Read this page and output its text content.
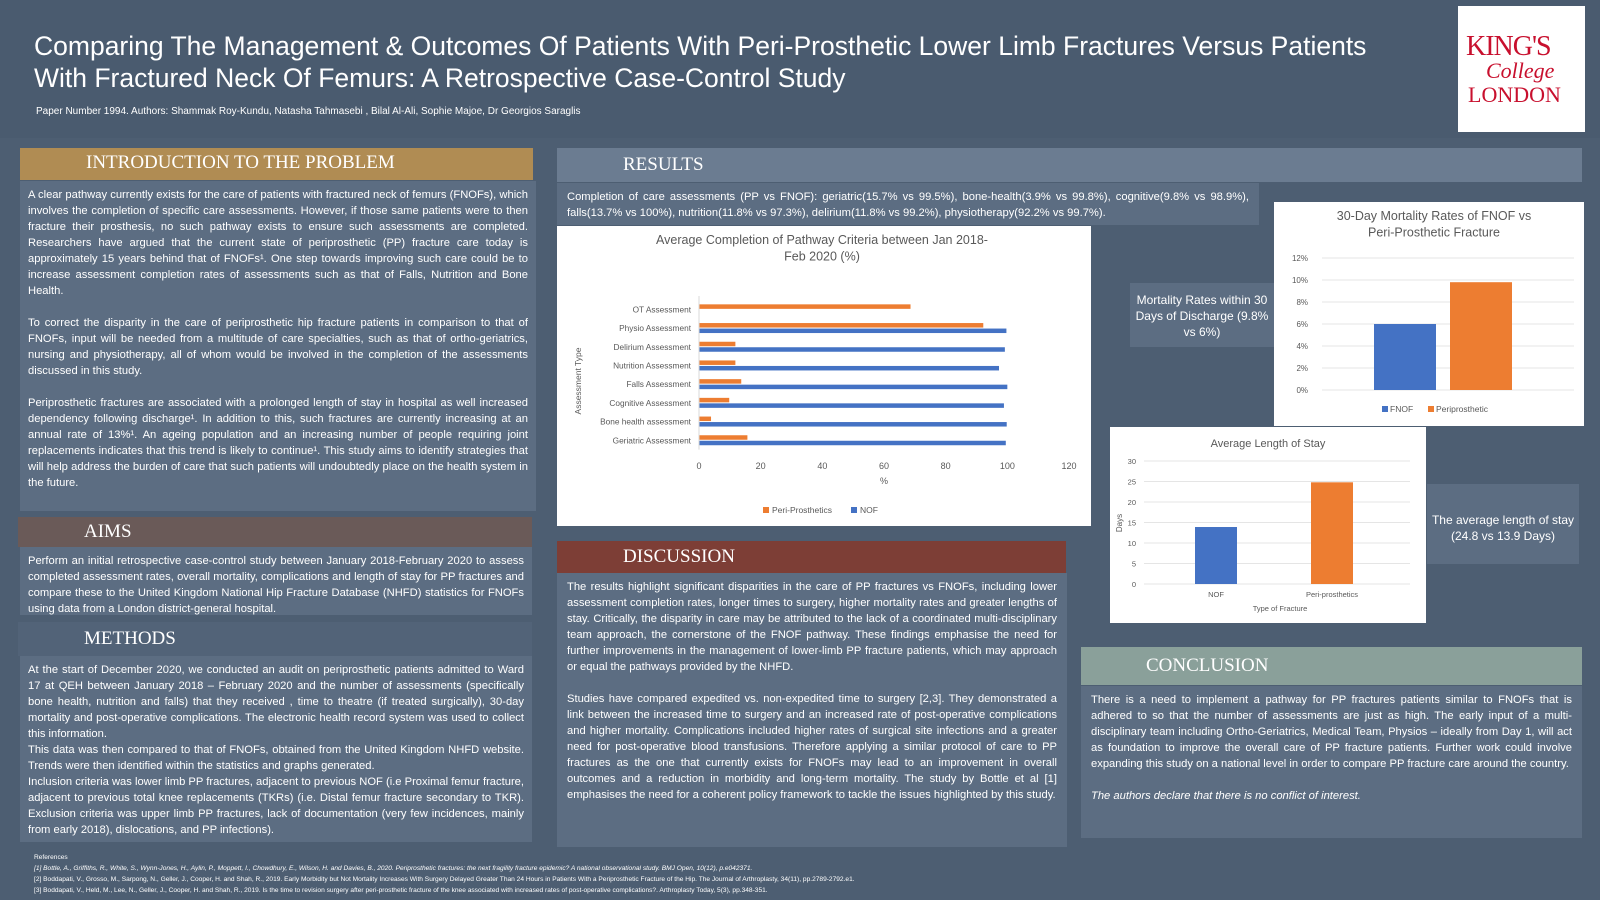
Comparing The Management & Outcomes Of Patients With Peri-Prosthetic Lower Limb Fractures Versus Patients
With Fractured Neck Of Femurs: A Retrospective Case-Control Study
Paper Number 1994. Authors: Shammak Roy-Kundu, Natasha Tahmasebi , Bilal Al-Ali, Sophie Majoe, Dr Georgios Saraglis
KING'S
College
LONDON
INTRODUCTION TO THE PROBLEM

A clear pathway currently exists for the care of patients with fractured neck of femurs (FNOFs), which involves the completion of specific care assessments. However, if those same patients were to then fracture their prosthesis, no such pathway exists to ensure such assessments are completed. Researchers have argued that the current state of periprosthetic (PP) fracture care today is approximately 15 years behind that of FNOFs¹. One step towards improving such care could be to increase assessment completion rates of assessments such as that of Falls, Nutrition and Bone Health.

To correct the disparity in the care of periprosthetic hip fracture patients in comparison to that of FNOFs, input will be needed from a multitude of care specialties, such as that of ortho-geriatrics, nursing and physiotherapy, all of whom would be involved in the completion of the assessments discussed in this study.

Periprosthetic fractures are associated with a prolonged length of stay in hospital as well increased dependency following discharge¹. In addition to this, such fractures are currently increasing at an annual rate of 13%¹. An ageing population and an increasing number of people requiring joint replacements indicates that this trend is likely to continue¹. This study aims to identify strategies that will help address the burden of care that such patients will undoubtedly place on the health system in the future.

AIMS

Perform an initial retrospective case-control study between January 2018-February 2020 to assess completed assessment rates, overall mortality, complications and length of stay for PP fractures and compare these to the United Kingdom National Hip Fracture Database (NHFD) statistics for FNOFs using data from a London district-general hospital.

METHODS
At the start of December 2020, we conducted an audit on periprosthetic patients admitted to Ward 17 at QEH between January 2018 – February 2020 and the number of assessments (specifically bone health, nutrition and falls) that they received , time to theatre (if treated surgically), 30-day mortality and post-operative complications. The electronic health record system was used to collect this information.
This data was then compared to that of FNOFs, obtained from the United Kingdom NHFD website. Trends were then identified within the statistics and graphs generated.
Inclusion criteria was lower limb PP fractures, adjacent to previous NOF (i.e Proximal femur fracture, adjacent to previous total knee replacements (TKRs) (i.e. Distal femur fracture secondary to TKR). Exclusion criteria was upper limb PP fractures, lack of documentation (very few incidences, mainly from early 2018), dislocations, and PP infections).
RESULTS

Completion of care assessments (PP vs FNOF): geriatric(15.7% vs 99.5%), bone-health(3.9% vs 99.8%), cognitive(9.8% vs 98.9%), falls(13.7% vs 100%), nutrition(11.8% vs 97.3%), delirium(11.8% vs 99.2%), physiotherapy(92.2% vs 99.7%).

Average Completion of Pathway Criteria between Jan 2018-
Feb 2020 (%)
0	20	40	60	80	100	120
%
Assessment Type
OT Assessment
Physio Assessment
Delirium Assessment
Nutrition Assessment
Falls Assessment
Cognitive Assessment
Bone health assessment
Geriatric Assessment
Peri-Prosthetics	NOF
Mortality Rates within 30 Days of Discharge (9.8% vs 6%)
30-Day Mortality Rates of FNOF vs
Peri-Prosthetic Fracture
0%
2%
4%
6%
8%
10%
12%
FNOF	Periprosthetic
Average Length of Stay
0
5
10
15
20
25
30
Days
NOF	Peri-prosthetics
Type of Fracture
The average length of stay (24.8 vs 13.9 Days)
DISCUSSION

The results highlight significant disparities in the care of PP fractures vs FNOFs, including lower assessment completion rates, longer times to surgery, higher mortality rates and greater lengths of stay. Critically, the disparity in care may be attributed to the lack of a coordinated multi-disciplinary team approach, the cornerstone of the FNOF pathway. These findings emphasise the need for further improvements in the management of lower-limb PP fracture patients, which may approach or equal the pathways provided by the NHFD.

Studies have compared expedited vs. non-expedited time to surgery [2,3]. They demonstrated a link between the increased time to surgery and an increased rate of post-operative complications and higher mortality. Complications included higher rates of surgical site infections and a greater need for post-operative blood transfusions. Therefore applying a similar protocol of care to PP fractures as the one that currently exists for FNOFs may lead to an improvement in overall outcomes and a reduction in morbidity and long-term mortality. The study by Bottle et al [1] emphasises the need for a coherent policy framework to tackle the issues highlighted by this study.

CONCLUSION

There is a need to implement a pathway for PP fractures patients similar to FNOFs that is adhered to so that the number of assessments are just as high. The early input of a multi-disciplinary team including Ortho-Geriatrics, Medical Team, Physios – ideally from Day 1, will act as foundation to improve the overall care of PP fracture patients. Further work could involve expanding this study on a national level in order to compare PP fracture care around the country.

The authors declare that there is no conflict of interest.

References
[1] Bottle, A., Griffiths, R., White, S., Wynn-Jones, H., Aylin, P., Moppett, I., Chowdhury, E., Wilson, H. and Davies, B., 2020. Periprosthetic fractures: the next fragility fracture epidemic? A national observational study. BMJ Open, 10(12), p.e042371.
[2] Boddapati, V., Grosso, M., Sarpong, N., Geller, J., Cooper, H. and Shah, R., 2019. Early Morbidity but Not Mortality Increases With Surgery Delayed Greater Than 24 Hours in Patients With a Periprosthetic Fracture of the Hip. The Journal of Arthroplasty, 34(11), pp.2789-2792.e1.
[3] Boddapati, V., Held, M., Lee, N., Geller, J., Cooper, H. and Shah, R., 2019. Is the time to revision surgery after peri-prosthetic fracture of the knee associated with increased rates of post-operative complications?. Arthroplasty Today, 5(3), pp.348-351.
